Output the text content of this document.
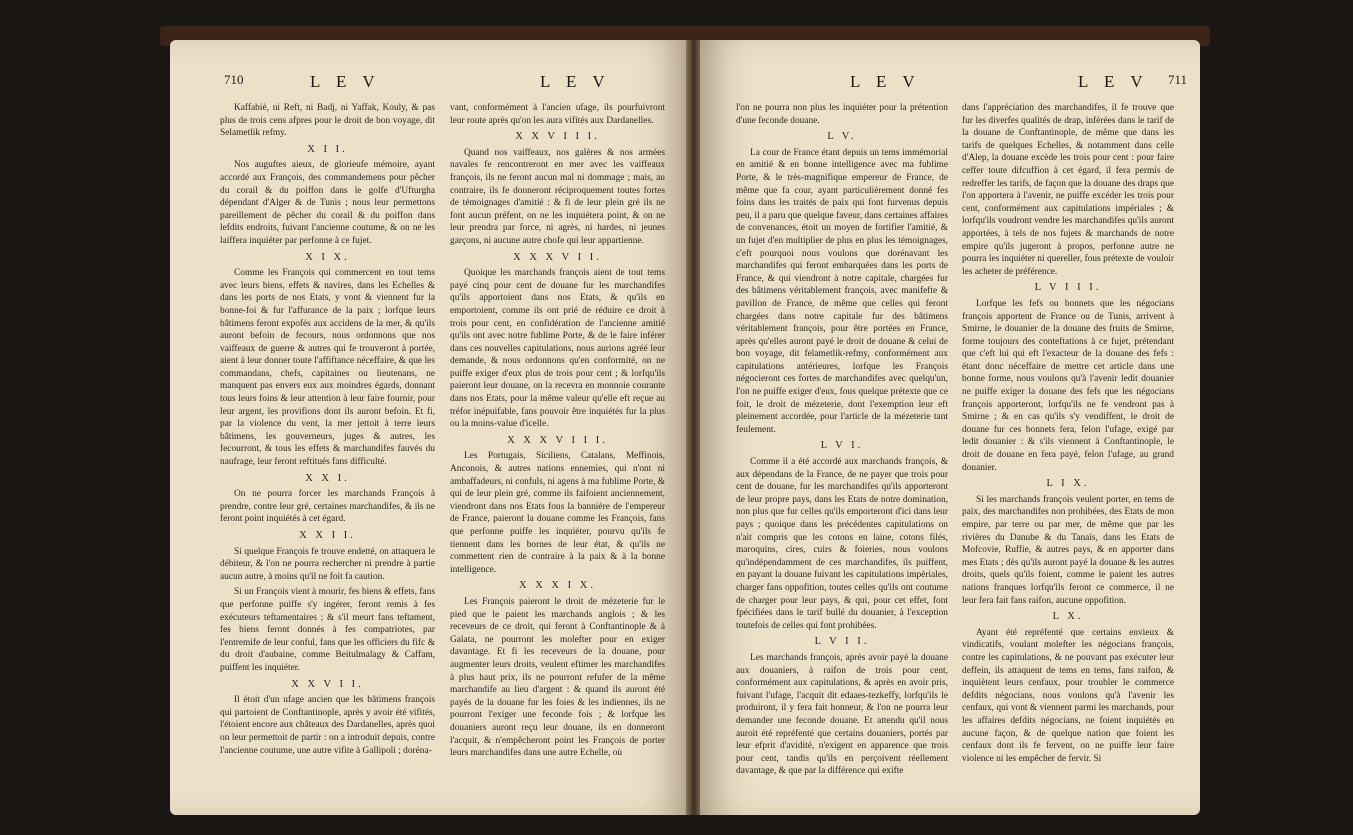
710	L E V	L E V

Kaffabiè, ni Reft, ni Badj, ni Yaffak, Kouly, & pas plus de trois cens afpres pour le droit de bon voyage, dit Selametlik refmy.

X I I.

Nos auguftes aieux, de glorieufe mémoire, ayant accordé aux François, des commandemens pour pêcher du corail & du poiffon dans le golfe d'Ufturgha dépendant d'Alger & de Tunis ; nous leur permettons pareillement de pêcher du corail & du poiffon dans lefdits endroits, fuivant l'ancienne coutume, & on ne les laiffera inquiéter par perfonne à ce fujet.

X I X.

Comme les François qui commercent en tout tems avec leurs biens, effets & navires, dans les Echelles & dans les ports de nos Etats, y vont & viennent fur la bonne-foi & fur l'affurance de la paix ; lorfque leurs bâtimens feront expofés aux accidens de la mer, & qu'ils auront befoin de fecours, nous ordonnons que nos vaiffeaux de guerre & autres qui fe trouveront à portée, aient à leur donner toute l'affiftance néceffaire, & que les commandans, chefs, capitaines ou lieutenans, ne manquent pas envers eux aux moindres égards, donnant tous leurs foins & leur attention à leur faire fournir, pour leur argent, les provifions dont ils auront befoin. Et fi, par la violence du vent, la mer jettoit à terre leurs bâtimens, les gouverneurs, juges & autres, les fecourront, & tous les effets & marchandifes fauvés du naufrage, leur feront reftitués fans difficulté.

X X I.

On ne pourra forcer les marchands François à prendre, contre leur gré, certaines marchandifes, & ils ne feront point inquiétés à cet égard.

X X I I.

Si quelque François fe trouve endetté, on attaquera le débiteur, & l'on ne pourra rechercher ni prendre à partie aucun autre, à moins qu'il ne foit fa caution.

Si un François vient à mourir, fes biens & effets, fans que perfonne puiffe s'y ingérer, feront remis à fes exécuteurs teftamentaires ; & s'il meurt fans teftament, fes biens feront donnés à fes compatriotes, par l'entremife de leur conful, fans que les officiers du fifc & du droit d'aubaine, comme Beitulmalagy & Caffam, puiffent les inquiéter.

X X V I I.

Il étoit d'un ufage ancien que les bâtimens françois qui partoient de Conftantinople, après y avoir été vifités, l'étoient encore aux châteaux des Dardanelles, après quoi on leur permettoit de partir : on a introduit depuis, contre l'ancienne coutume, une autre vifite à Gallipoli ; doréna-

vant, conformément à l'ancien ufage, ils pourfuivront leur route après qu'on les aura vifités aux Dardanelles.

X X V I I I.

Quand nos vaiffeaux, nos galères & nos armées navales fe rencontreront en mer avec les vaiffeaux françois, ils ne feront aucun mal ni dommage ; mais, au contraire, ils fe donneront réciproquement toutes fortes de témoignages d'amitié : & fi de leur plein gré ils ne font aucun préfent, on ne les inquiétera point, & on ne leur prendra par force, ni agrès, ni hardes, ni jeunes garçons, ni aucune autre chofe qui leur appartienne.

X X X V I I.

Quoique les marchands françois aient de tout tems payé cinq pour cent de douane fur les marchandifes qu'ils apportoient dans nos Etats, & qu'ils en emportoient, comme ils ont prié de réduire ce droit à trois pour cent, en confidération de l'ancienne amitié qu'ils ont avec notre fublime Porte, & de le faire inférer dans ces nouvelles capitulations, nous aurions agréé leur demande, & nous ordonnons qu'en conformité, on ne puiffe exiger d'eux plus de trois pour cent ; & lorfqu'ils paieront leur douane, on la recevra en monnoie courante dans nos Etats, pour la même valeur qu'elle eft reçue au tréfor inépuifable, fans pouvoir être inquiétés fur la plus ou la moins-value d'icelle.

X X X V I I I.

Les Portugais, Siciliens, Catalans, Meffinois, Anconois, & autres nations ennemies, qui n'ont ni ambaffadeurs, ni confuls, ni agens à ma fublime Porte, & qui de leur plein gré, comme ils faifoient anciennement, viendront dans nos Etats fous la bannière de l'empereur de France, paieront la douane comme les François, fans que perfonne puiffe les inquiéter, pourvu qu'ils fe tiennent dans les bornes de leur état, & qu'ils ne commettent rien de contraire à la paix & à la bonne intelligence.

X X X I X.

Les François paieront le droit de mézeterie fur le pied que le paient les marchands anglois ; & les receveurs de ce droit, qui feront à Conftantinople & à Galata, ne pourront les molefter pour en exiger davantage. Et fi les receveurs de la douane, pour augmenter leurs droits, veulent eftimer les marchandifes à plus haut prix, ils ne pourront refufer de la même marchandife au lieu d'argent : & quand ils auront été payés de la douane fur les foies & les indiennes, ils ne pourront l'exiger une feconde fois ; & lorfque les douaniers auront reçu leur douane, ils en donneront l'acquit, & n'empêcheront point les François de porter leurs marchandifes dans une autre Echelle, où

L E V	L E V 711

l'on ne pourra non plus les inquiéter pour la prétention d'une feconde douane.

L V.

La cour de France étant depuis un tems immémorial en amitié & en bonne intelligence avec ma fublime Porte, & le très-magnifique empereur de France, de même que fa cour, ayant particulièrement donné fes foins dans les traités de paix qui font furvenus depuis peu, il a paru que quelque faveur, dans certaines affaires de convenances, étoit un moyen de fortifier l'amitié, & un fujet d'en multiplier de plus en plus les témoignages, c'eft pourquoi nous voulons que dorénavant les marchandifes qui feront embarquées dans les ports de France, & qui viendront à notre capitale, chargées fur des bâtimens véritablement françois, avec manifefte & pavillon de France, de même que celles qui feront chargées dans notre capitale fur des bâtimens véritablement françois, pour être portées en France, après qu'elles auront payé le droit de douane & celui de bon voyage, dit felametlik-refmy, conformément aux capitulations antérieures, lorfque les François négocieront ces fortes de marchandifes avec quelqu'un, l'on ne puiffe exiger d'eux, fous quelque prétexte que ce foit, le droit de mézeterie, dont l'exemption leur eft pleinement accordée, pour l'article de la mézeterie tant feulement.

L V I.

Comme il a été accordé aux marchands françois, & aux dépendans de la France, de ne payer que trois pour cent de douane, fur les marchandifes qu'ils apporteront de leur propre pays, dans les Etats de notre domination, non plus que fur celles qu'ils emporteront d'ici dans leur pays ; quoique dans les précédentes capitulations on n'ait compris que les cotons en laine, cotons filés, maroquins, cires, cuirs & foieries, nous voulons qu'indépendamment de ces marchandifes, ils puiffent, en payant la douane fuivant les capitulations impériales, charger fans oppofition, toutes celles qu'ils ont coutume de charger pour leur pays, & qui, pour cet effet, font fpécifiées dans le tarif bullé du douanier, à l'exception toutefois de celles qui font prohibées.

L V I I.

Les marchands françois, après avoir payé la douane aux douaniers, à raifon de trois pour cent, conformément aux capitulations, & après en avoir pris, fuivant l'ufage, l'acquit dit edaaes-tezkeffy, lorfqu'ils le produiront, il y fera fait honneur, & l'on ne pourra leur demander une feconde douane. Et attendu qu'il nous auroit été repréfenté que certains douaniers, portés par leur efprit d'avidité, n'exigent en apparence que trois pour cent, tandis qu'ils en perçoivent réellement davantage, & que par la différence qui exifte

dans l'appréciation des marchandifes, il fe trouve que fur les diverfes qualités de drap, inférées dans le tarif de la douane de Conftantinople, de même que dans les tarifs de quelques Echelles, & notamment dans celle d'Alep, la douane excède les trois pour cent : pour faire ceffer toute difcuffion à cet égard, il fera permis de redreffer les tarifs, de façon que la douane des draps que l'on apportera à l'avenir, ne puiffe excéder les trois pour cent, conformément aux capitulations impériales ; & lorfqu'ils voudront vendre les marchandifes qu'ils auront apportées, à tels de nos fujets & marchands de notre empire qu'ils jugeront à propos, perfonne autre ne pourra les inquiéter ni quereller, fous prétexte de vouloir les acheter de préférence.

L V I I I.

Lorfque les fefs ou bonnets que les négocians françois apportent de France ou de Tunis, arrivent à Smirne, le douanier de la douane des fruits de Smirne, forme toujours des conteftations à ce fujet, prétendant que c'eft lui qui eft l'exacteur de la douane des fefs : étant donc néceffaire de mettre cet article dans une bonne forme, nous voulons qu'à l'avenir ledit douanier ne puiffe exiger la douane des fefs que les négocians françois apporteront, lorfqu'ils ne fe vendront pas à Smirne ; & en cas qu'ils s'y vendiffent, le droit de douane fur ces bonnets fera, felon l'ufage, exigé par ledit douanier : & s'ils viennent à Conftantinople, le droit de douane en fera payé, felon l'ufage, au grand douanier.

L I X.

Si les marchands françois veulent porter, en tems de paix, des marchandifes non prohibées, des Etats de mon empire, par terre ou par mer, de même que par les rivières du Danube & du Tanaïs, dans les Etats de Mofcovie, Ruffie, & autres pays, & en apporter dans mes Etats ; dès qu'ils auront payé la douane & les autres droits, quels qu'ils foient, comme le paient les autres nations franques lorfqu'ils feront ce commerce, il ne leur fera fait fans raifon, aucune oppofition.

L X.

Ayant été repréfenté que certains envieux & vindicatifs, voulant molefter les négocians françois, contre les capitulations, & ne pouvant pas exécuter leur deffein, ils attaquent de tems en tems, fans raifon, & inquiètent leurs cenfaux, pour troubler le commerce defdits négocians, nous voulons qu'à l'avenir les cenfaux, qui vont & viennent parmi les marchands, pour les affaires defdits négocians, ne foient inquiétés en aucune façon, & de quelque nation que foient les cenfaux dont ils fe fervent, on ne puiffe leur faire violence ni les empêcher de fervir. Si
